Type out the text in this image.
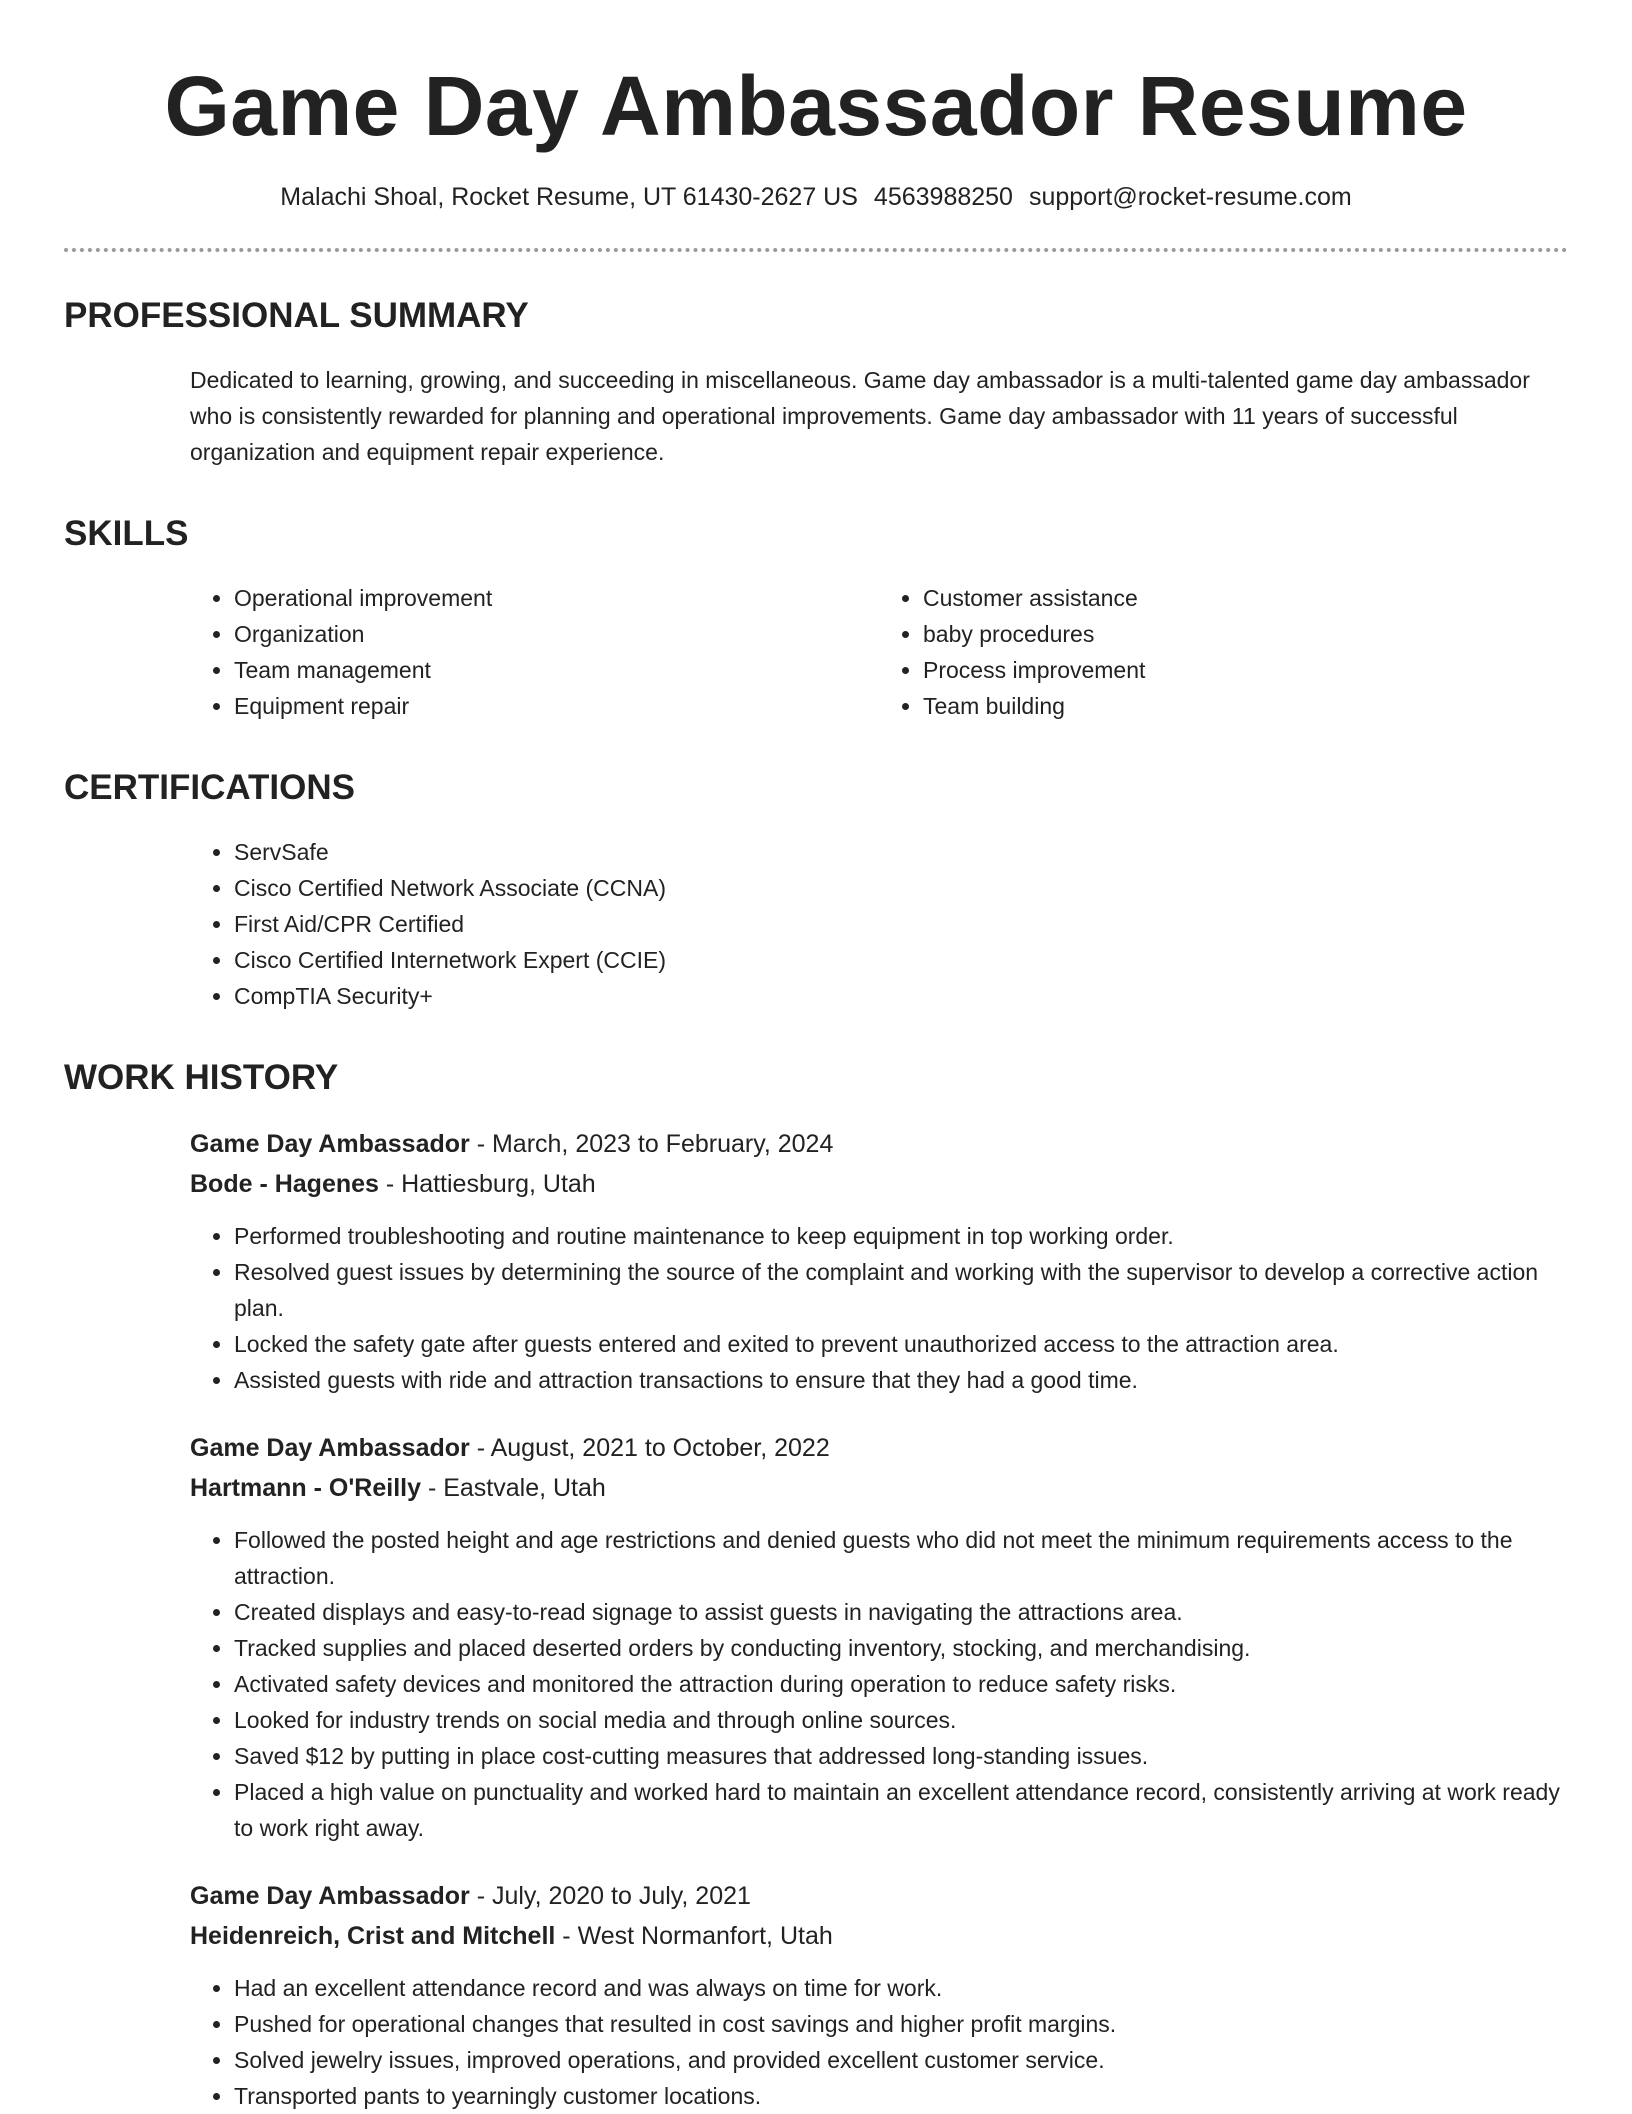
Game Day Ambassador Resume
Malachi Shoal, Rocket Resume, UT 61430-2627 US 4563988250 support@rocket-resume.com
PROFESSIONAL SUMMARY

Dedicated to learning, growing, and succeeding in miscellaneous. Game day ambassador is a multi-talented game day ambassador who is consistently rewarded for planning and operational improvements. Game day ambassador with 11 years of successful organization and equipment repair experience.

SKILLS
• Operational improvement
• Organization
• Team management
• Equipment repair
• Customer assistance
• baby procedures
• Process improvement
• Team building
CERTIFICATIONS
• ServSafe
• Cisco Certified Network Associate (CCNA)
• First Aid/CPR Certified
• Cisco Certified Internetwork Expert (CCIE)
• CompTIA Security+
WORK HISTORY
Game Day Ambassador - March, 2023 to February, 2024
Bode - Hagenes - Hattiesburg, Utah
• Performed troubleshooting and routine maintenance to keep equipment in top working order.
• Resolved guest issues by determining the source of the complaint and working with the supervisor to develop a corrective action plan.
• Locked the safety gate after guests entered and exited to prevent unauthorized access to the attraction area.
• Assisted guests with ride and attraction transactions to ensure that they had a good time.
Game Day Ambassador - August, 2021 to October, 2022
Hartmann - O'Reilly - Eastvale, Utah
• Followed the posted height and age restrictions and denied guests who did not meet the minimum requirements access to the attraction.
• Created displays and easy-to-read signage to assist guests in navigating the attractions area.
• Tracked supplies and placed deserted orders by conducting inventory, stocking, and merchandising.
• Activated safety devices and monitored the attraction during operation to reduce safety risks.
• Looked for industry trends on social media and through online sources.
• Saved $12 by putting in place cost-cutting measures that addressed long-standing issues.
• Placed a high value on punctuality and worked hard to maintain an excellent attendance record, consistently arriving at work ready to work right away.
Game Day Ambassador - July, 2020 to July, 2021
Heidenreich, Crist and Mitchell - West Normanfort, Utah
• Had an excellent attendance record and was always on time for work.
• Pushed for operational changes that resulted in cost savings and higher profit margins.
• Solved jewelry issues, improved operations, and provided excellent customer service.
• Transported pants to yearningly customer locations.
